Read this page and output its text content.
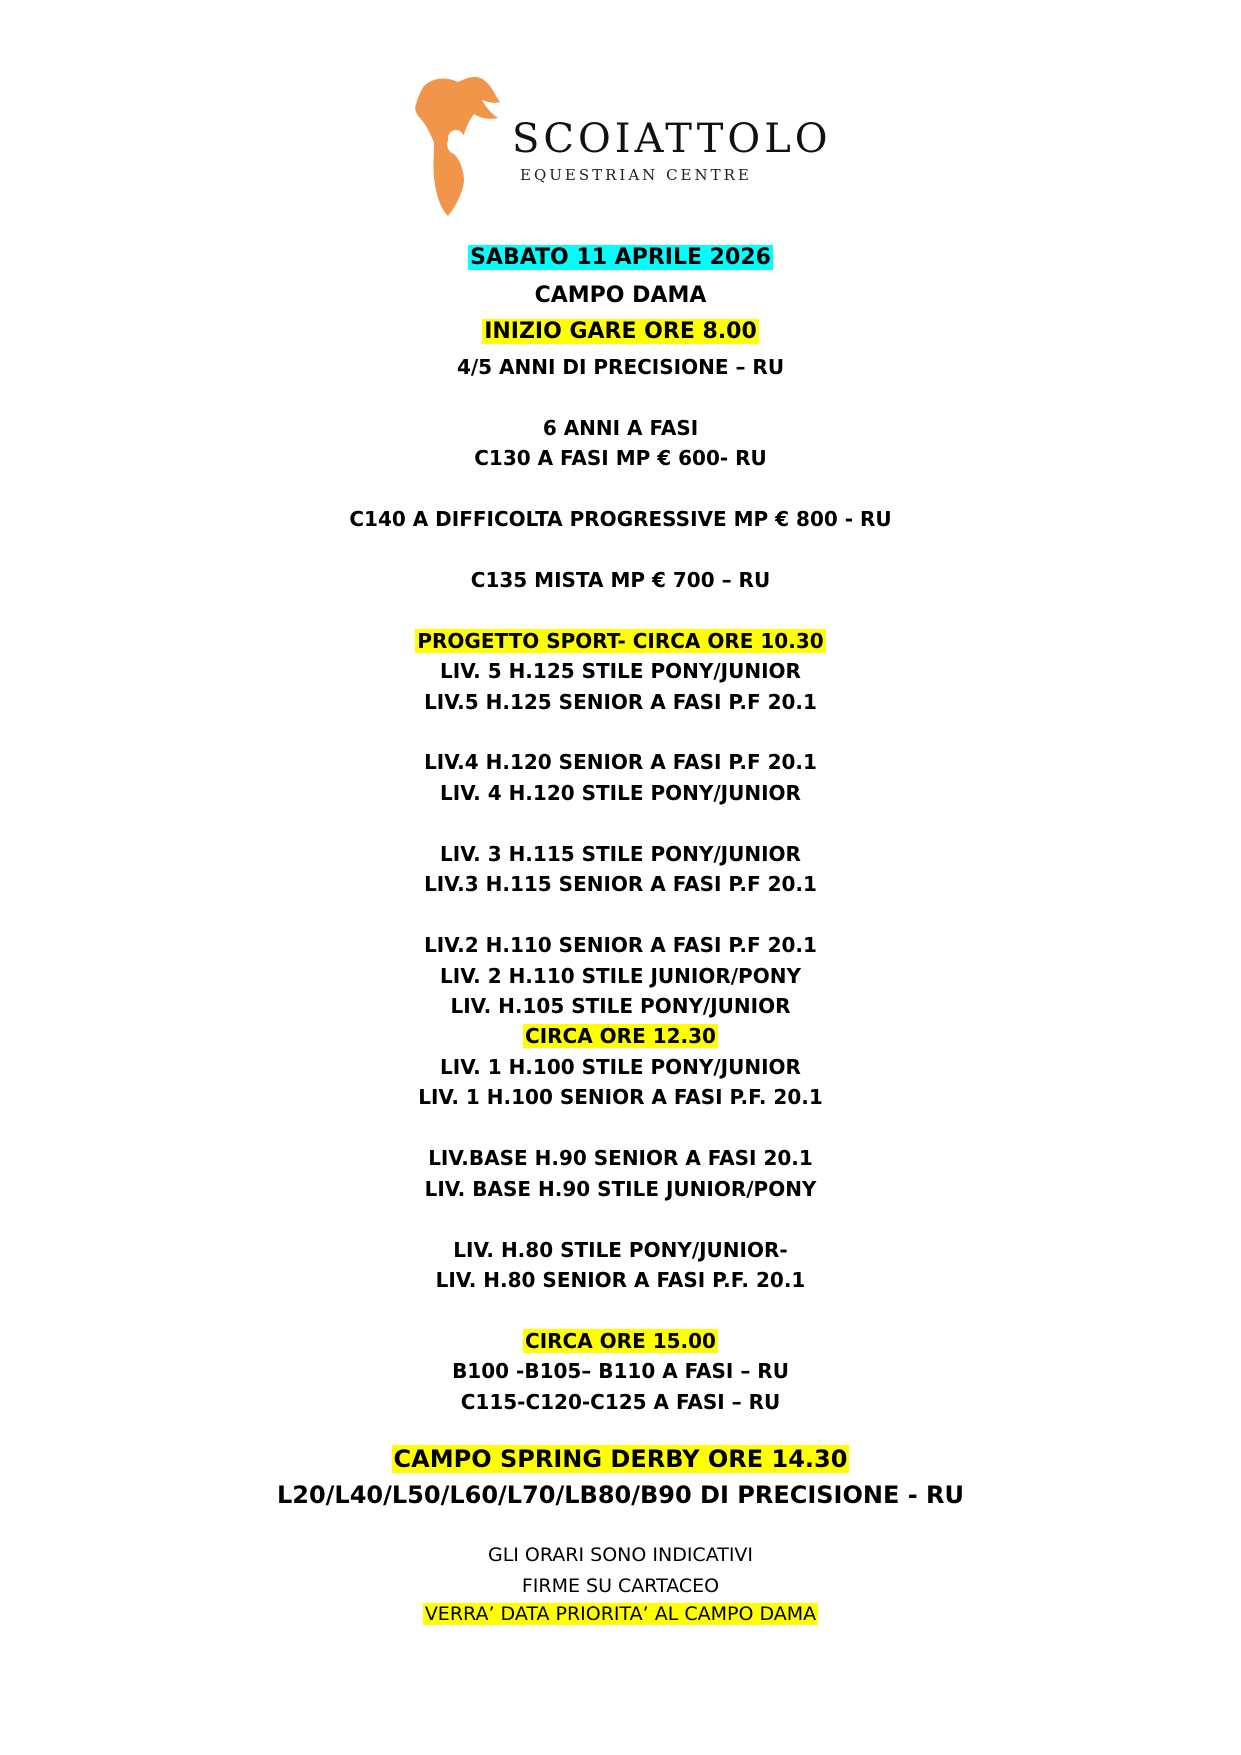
SCOIATTOLO
EQUESTRIAN CENTRE
SABATO 11 APRILE 2026
CAMPO DAMA
INIZIO GARE ORE 8.00
4/5 ANNI DI PRECISIONE – RU
6 ANNI A FASI
C130 A FASI MP € 600- RU
C140 A DIFFICOLTA PROGRESSIVE MP € 800 - RU
C135 MISTA MP € 700 – RU
PROGETTO SPORT- CIRCA ORE 10.30
LIV. 5 H.125 STILE PONY/JUNIOR
LIV.5 H.125 SENIOR A FASI P.F 20.1
LIV.4 H.120 SENIOR A FASI P.F 20.1
LIV. 4 H.120 STILE PONY/JUNIOR
LIV. 3 H.115 STILE PONY/JUNIOR
LIV.3 H.115 SENIOR A FASI P.F 20.1
LIV.2 H.110 SENIOR A FASI P.F 20.1
LIV. 2 H.110 STILE JUNIOR/PONY
LIV. H.105 STILE PONY/JUNIOR
CIRCA ORE 12.30
LIV. 1 H.100 STILE PONY/JUNIOR
LIV. 1 H.100 SENIOR A FASI P.F. 20.1
LIV.BASE H.90 SENIOR A FASI 20.1
LIV. BASE H.90 STILE JUNIOR/PONY
LIV. H.80 STILE PONY/JUNIOR-
LIV. H.80 SENIOR A FASI P.F. 20.1
CIRCA ORE 15.00
B100 -B105– B110 A FASI – RU
C115-C120-C125 A FASI – RU
CAMPO SPRING DERBY ORE 14.30
L20/L40/L50/L60/L70/LB80/B90 DI PRECISIONE - RU
GLI ORARI SONO INDICATIVI
FIRME SU CARTACEO
VERRA’ DATA PRIORITA’ AL CAMPO DAMA
